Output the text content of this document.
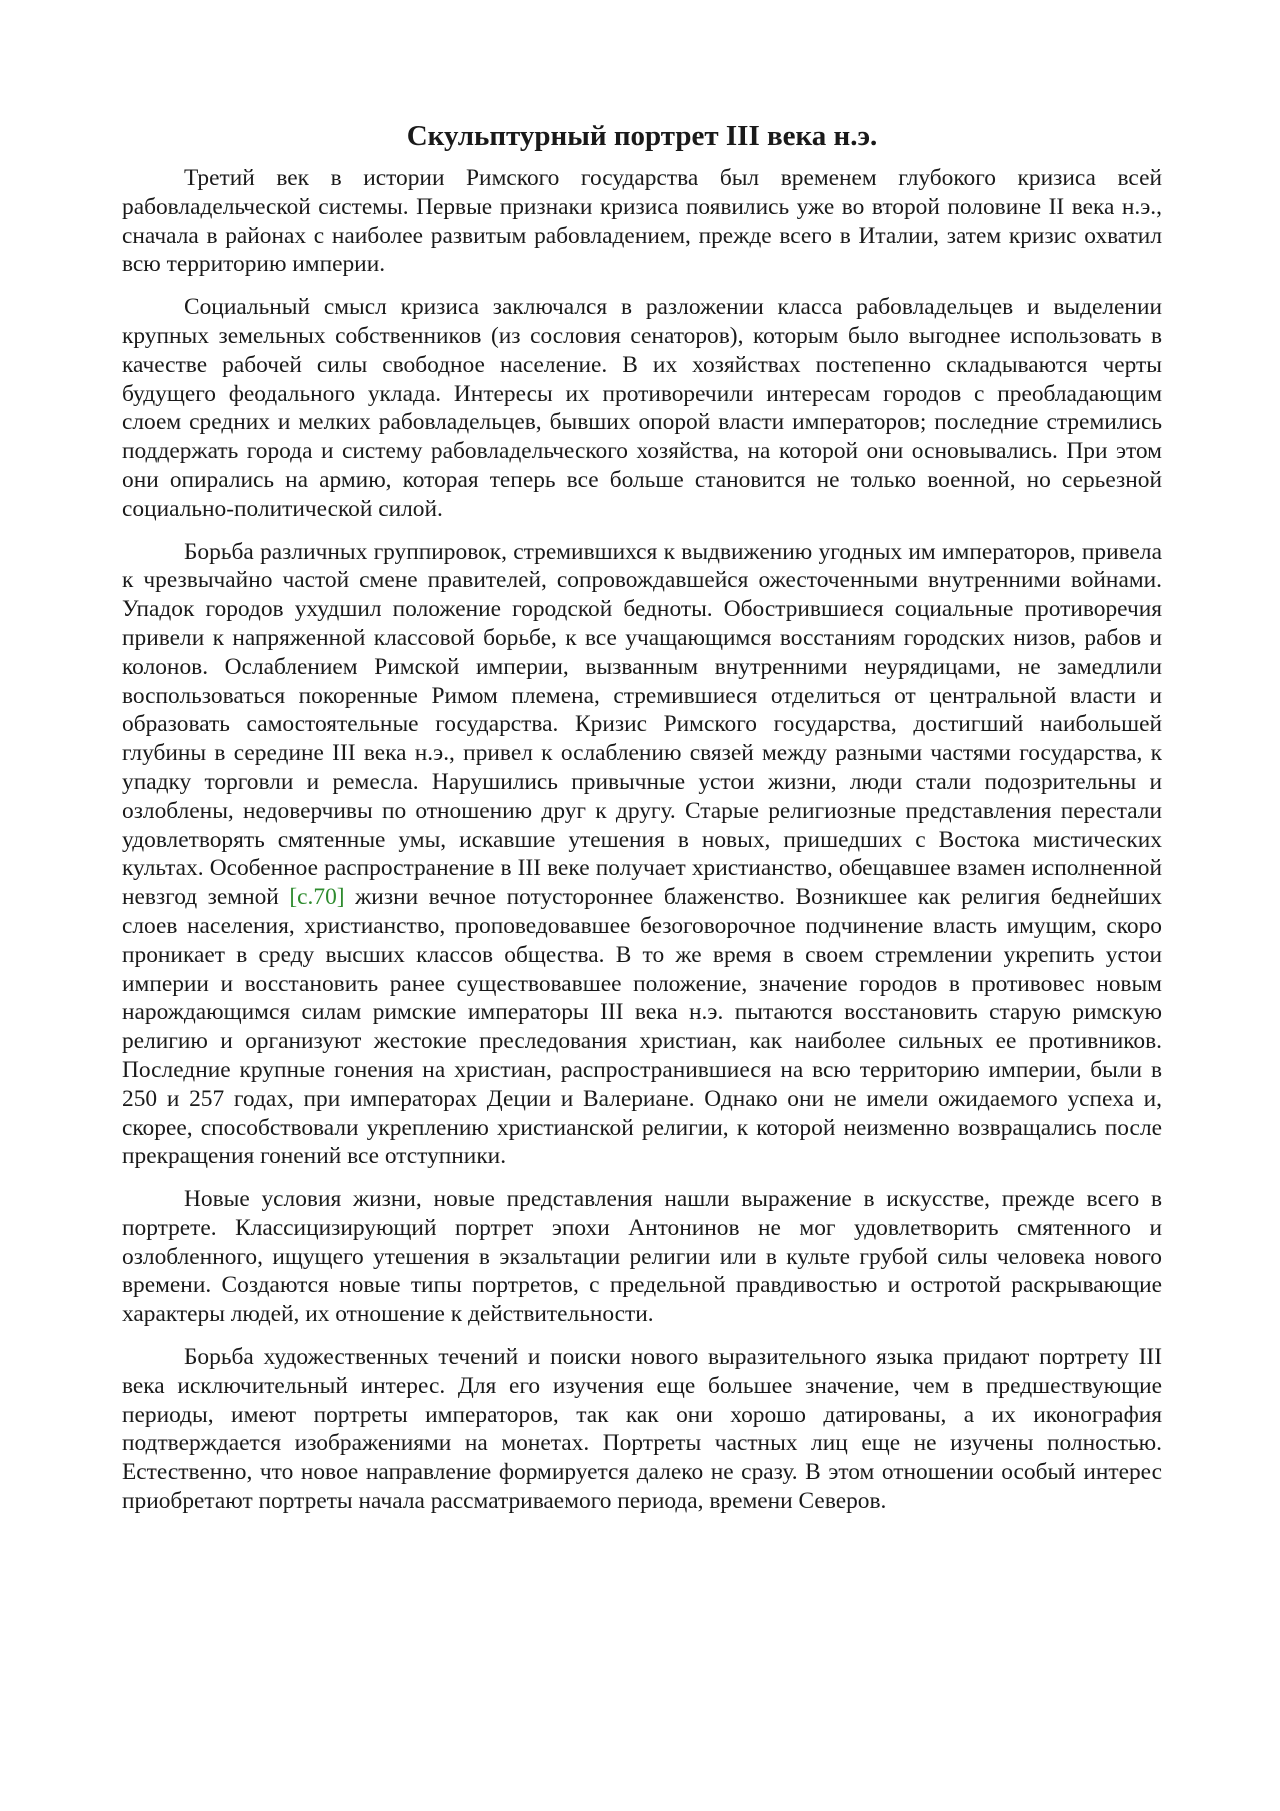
Скульптурный портрет III века н.э.

Третий век в истории Римского государства был временем глубокого кризиса всей рабовладельческой системы. Первые признаки кризиса появились уже во второй половине II века н.э., сначала в районах с наиболее развитым рабовладением, прежде всего в Италии, затем кризис охватил всю территорию империи.

Социальный смысл кризиса заключался в разложении класса рабовладельцев и выделении крупных земельных собственников (из сословия сенаторов), которым было выгоднее использовать в качестве рабочей силы свободное население. В их хозяйствах постепенно складываются черты будущего феодального уклада. Интересы их противоречили интересам городов с преобладающим слоем средних и мелких рабовладельцев, бывших опорой власти императоров; последние стремились поддержать города и систему рабовладельческого хозяйства, на которой они основывались. При этом они опирались на армию, которая теперь все больше становится не только военной, но серьезной социально-политической силой.

Борьба различных группировок, стремившихся к выдвижению угодных им императоров, привела к чрезвычайно частой смене правителей, сопровождавшейся ожесточенными внутренними войнами. Упадок городов ухудшил положение городской бедноты. Обострившиеся социальные противоречия привели к напряженной классовой борьбе, к все учащающимся восстаниям городских низов, рабов и колонов. Ослаблением Римской империи, вызванным внутренними неурядицами, не замедлили воспользоваться покоренные Римом племена, стремившиеся отделиться от центральной власти и образовать самостоятельные государства. Кризис Римского государства, достигший наибольшей глубины в середине III века н.э., привел к ослаблению связей между разными частями государства, к упадку торговли и ремесла. Нарушились привычные устои жизни, люди стали подозрительны и озлоблены, недоверчивы по отношению друг к другу. Старые религиозные представления перестали удовлетворять смятенные умы, искавшие утешения в новых, пришедших с Востока мистических культах. Особенное распространение в III веке получает христианство, обещавшее взамен исполненной невзгод земной [с.70] жизни вечное потустороннее блаженство. Возникшее как религия беднейших слоев населения, христианство, проповедовавшее безоговорочное подчинение власть имущим, скоро проникает в среду высших классов общества. В то же время в своем стремлении укрепить устои империи и восстановить ранее существовавшее положение, значение городов в противовес новым нарождающимся силам римские императоры III века н.э. пытаются восстановить старую римскую религию и организуют жестокие преследования христиан, как наиболее сильных ее противников. Последние крупные гонения на христиан, распространившиеся на всю территорию империи, были в 250 и 257 годах, при императорах Деции и Валериане. Однако они не имели ожидаемого успеха и, скорее, способствовали укреплению христианской религии, к которой неизменно возвращались после прекращения гонений все отступники.

Новые условия жизни, новые представления нашли выражение в искусстве, прежде всего в портрете. Классицизирующий портрет эпохи Антонинов не мог удовлетворить смятенного и озлобленного, ищущего утешения в экзальтации религии или в культе грубой силы человека нового времени. Создаются новые типы портретов, с предельной правдивостью и остротой раскрывающие характеры людей, их отношение к действительности.

Борьба художественных течений и поиски нового выразительного языка придают портрету III века исключительный интерес. Для его изучения еще большее значение, чем в предшествующие периоды, имеют портреты императоров, так как они хорошо датированы, а их иконография подтверждается изображениями на монетах. Портреты частных лиц еще не изучены полностью. Естественно, что новое направление формируется далеко не сразу. В этом отношении особый интерес приобретают портреты начала рассматриваемого периода, времени Северов.
